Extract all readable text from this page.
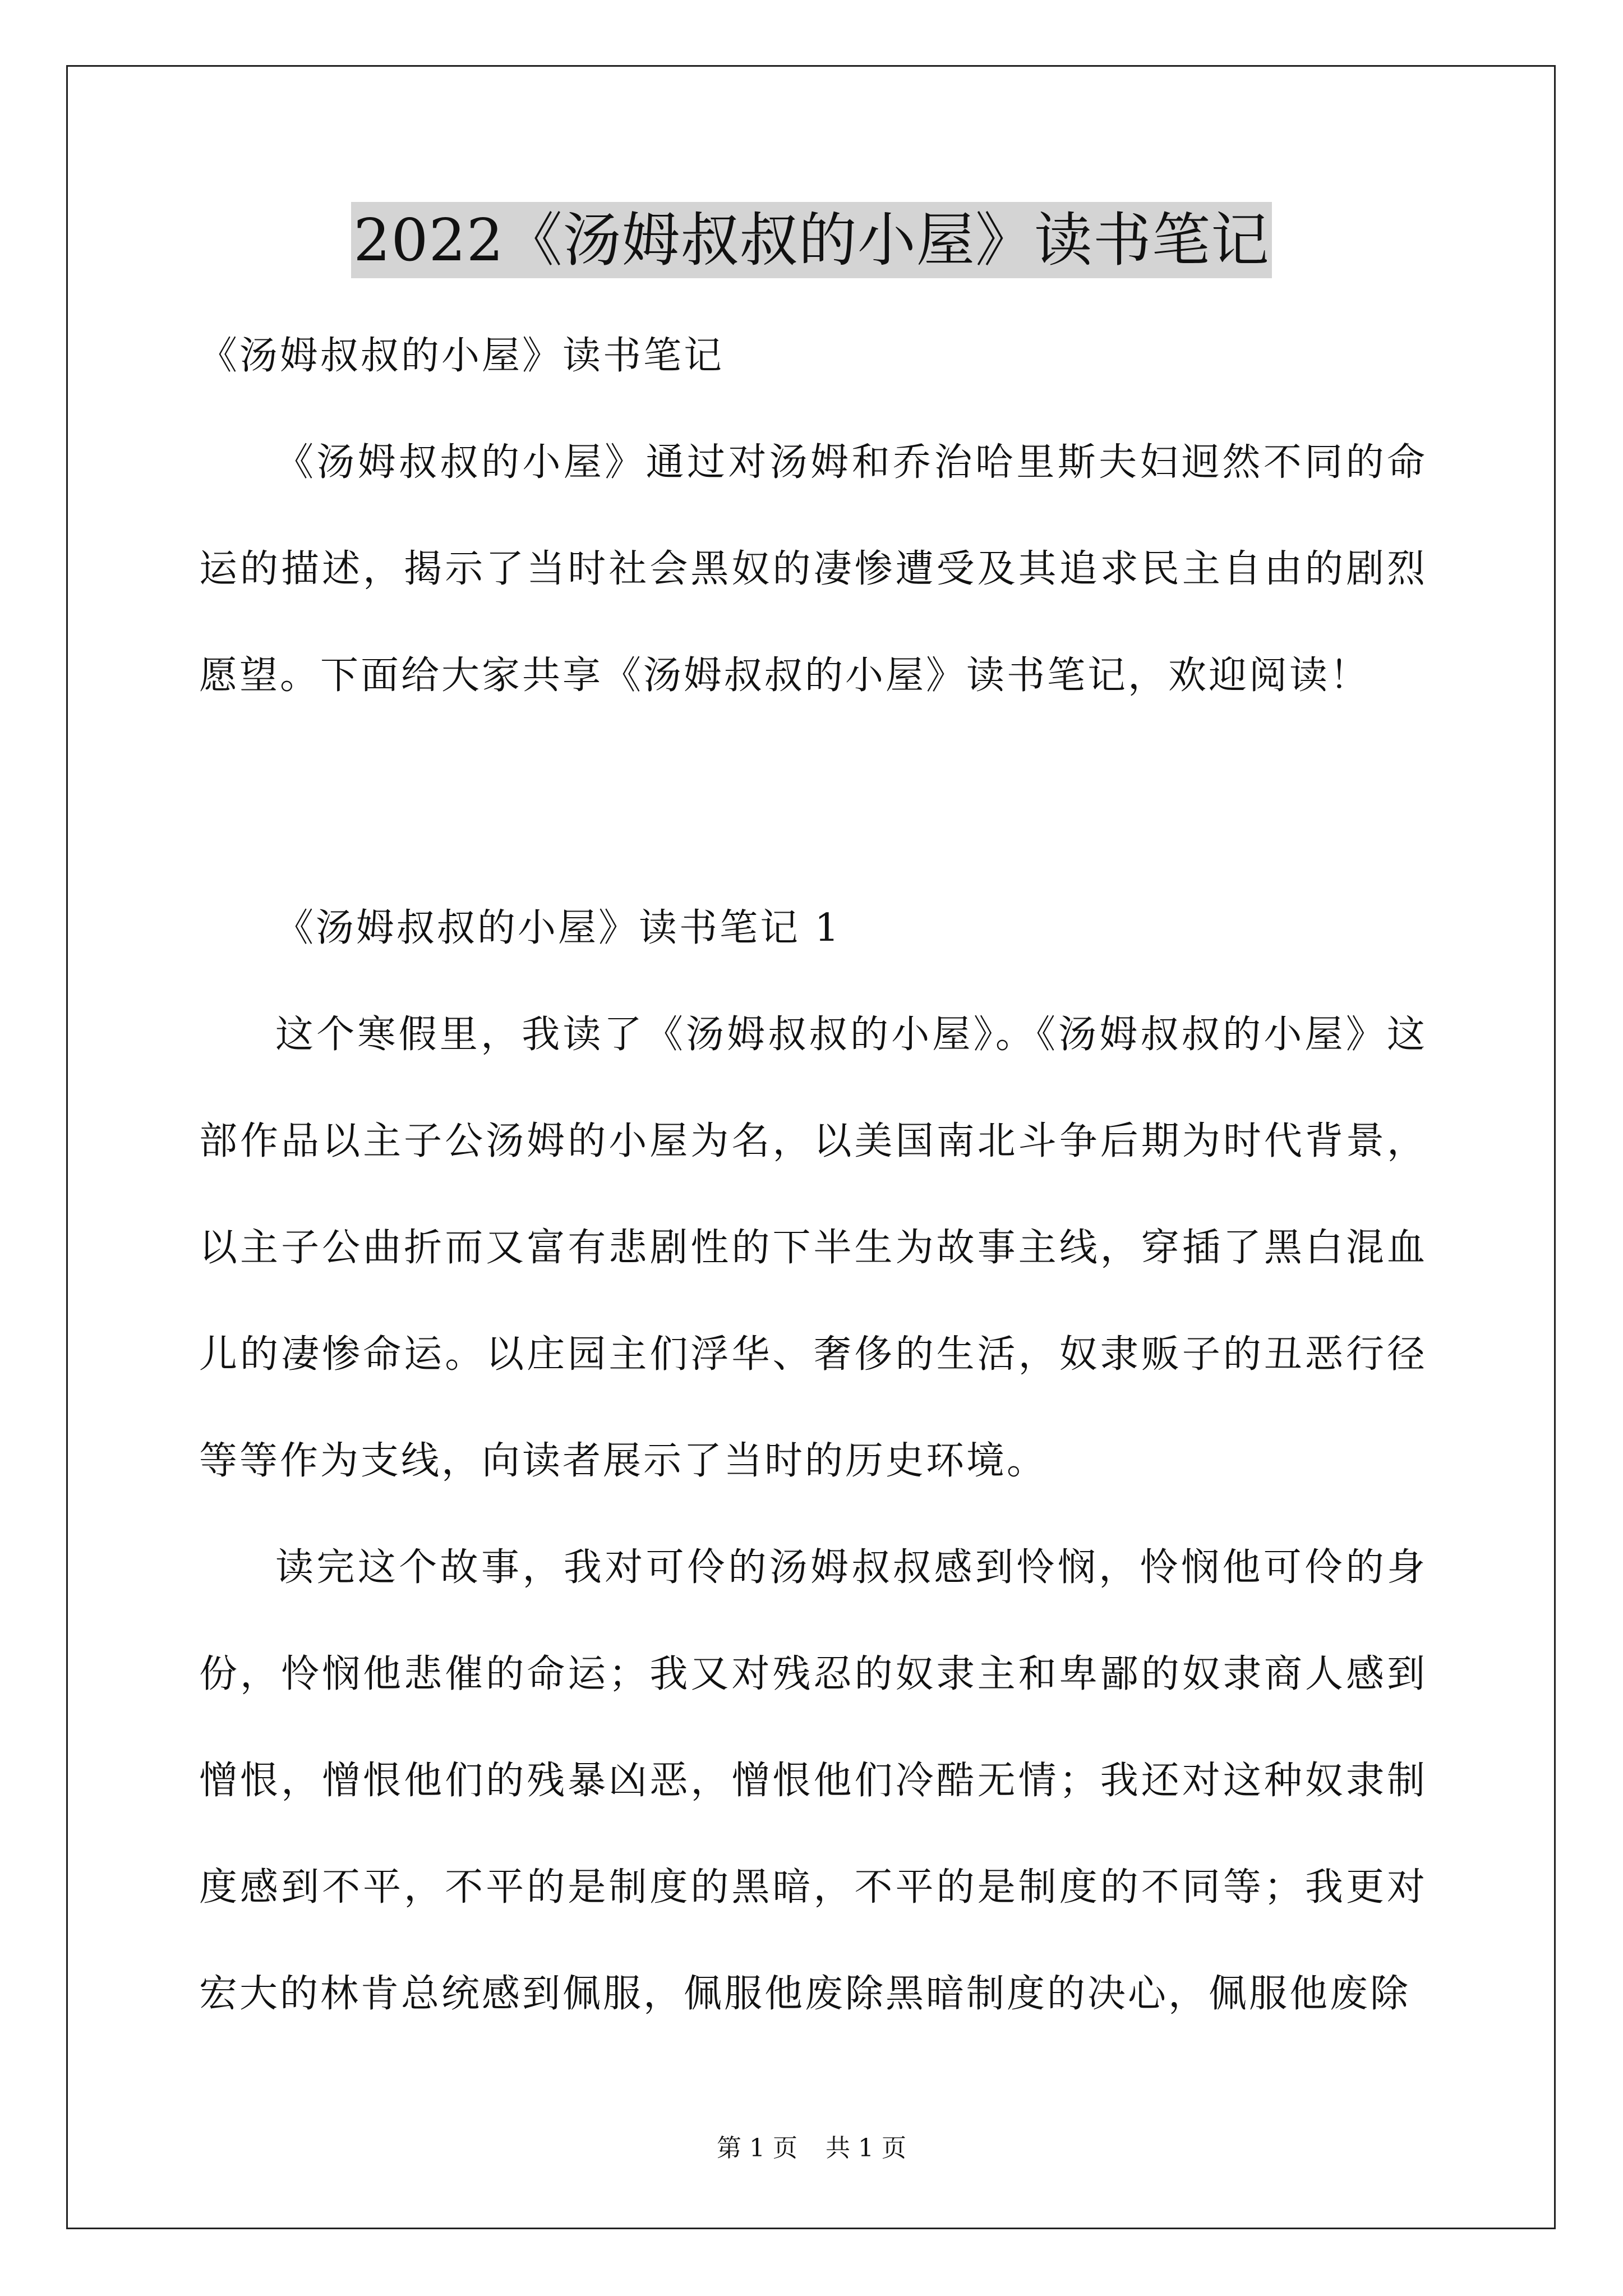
2022《汤姆叔叔的小屋》读书笔记

《汤姆叔叔的小屋》读书笔记

《汤姆叔叔的小屋》通过对汤姆和乔治哈里斯夫妇迥然不同的命运的描述，揭示了当时社会黑奴的凄惨遭受及其追求民主自由的剧烈愿望。下面给大家共享《汤姆叔叔的小屋》读书笔记，欢迎阅读！

《汤姆叔叔的小屋》读书笔记 1

这个寒假里，我读了《汤姆叔叔的小屋》。《汤姆叔叔的小屋》这部作品以主子公汤姆的小屋为名，以美国南北斗争后期为时代背景，以主子公曲折而又富有悲剧性的下半生为故事主线，穿插了黑白混血儿的凄惨命运。以庄园主们浮华、奢侈的生活，奴隶贩子的丑恶行径等等作为支线，向读者展示了当时的历史环境。

读完这个故事，我对可伶的汤姆叔叔感到怜悯，怜悯他可伶的身份，怜悯他悲催的命运；我又对残忍的奴隶主和卑鄙的奴隶商人感到憎恨，憎恨他们的残暴凶恶，憎恨他们冷酷无情；我还对这种奴隶制度感到不平，不平的是制度的黑暗，不平的是制度的不同等；我更对宏大的林肯总统感到佩服，佩服他废除黑暗制度的决心，佩服他废除

第 1 页 共 1 页
